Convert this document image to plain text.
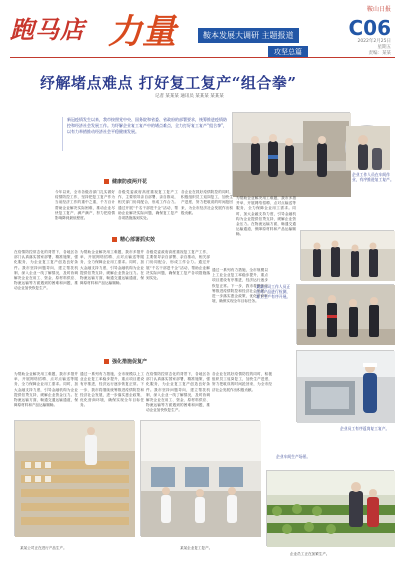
鞍山日报
跑马店 力量	鞍本发展大调研 主题报道
攻坚总篇
C06
2022年2月25日
星期五
责编：某某
纾解堵点难点 打好复工复产“组合拳”
记者 某某某 通讯员 某某某 某某某
新冠疫情发生以来，我市按照党中央、国务院和省委、省政府的部署要求，统筹推进疫情防控和经济社会发展工作。为纾解企业复工复产中的堵点难点，全力打好复工复产“组合拳”，以有力举措推动经济社会平稳健康发展。
企业工作人员在车间作业，有序推进复工复产。
健康防疫两开花
今年以来，全市各级各部门扎实做好疫情防控工作，坚持把复工复产作为当前经济工作的重中之重，千方百计帮助企业解决实际困难，推动企业尽快复工复产、满产满产，努力把疫情影响降到最低程度。
各级党委政府高度重视复工复产工作，主要领导亲自部署、亲自推动，相关部门协同配合，形成工作合力。通过开展“千名干部进千企”活动，帮助企业解决实际问题，确保复工复产各项措施落到实处。
各企业在抓好疫情防控的同时，积极组织员工返岗复工，加快生产进度，努力把耽误的时间抢回来，为全市经济社会发展作出积极贡献。
为帮助企业解决用工难题，我市多措并举，开展网络招聘、点对点输送等服务，全力保障企业用工需求。同时，加大金融支持力度，引导金融机构为企业提供信贷支持，缓解企业资金压力。在物流运输方面，畅通交通运输通道，保障原材料和产品运输顺畅。
精心部署抓实效
在疫情防控常态化的背景下，各地区各部门认真落实国家部署，精准施策，强化服务，为企业复工复产创造良好条件。我市坚持问题导向，建立帮扶机制，深入企业一线了解情况，及时协调解决企业在用工、资金、原材料供应、物流运输等方面遇到的困难和问题，推动企业加快恢复生产。
为帮助企业解决用工难题，我市多措并举，开展网络招聘、点对点输送等服务，全力保障企业用工需求。同时，加大金融支持力度，引导金融机构为企业提供信贷支持，缓解企业资金压力。在物流运输方面，畅通交通运输通道，保障原材料和产品运输顺畅。
各级党委政府高度重视复工复产工作，主要领导亲自部署、亲自推动，相关部门协同配合，形成工作合力。通过开展“千名干部进千企”活动，帮助企业解决实际问题，确保复工复产各项措施落到实处。
通过一系列有力措施，全市规模以上工业企业复工率稳步提升，重点项目建设有序推进，经济运行逐步恢复正常。下一步，我市将继续统筹推进疫情防控和经济社会发展，进一步落实惠企政策，优化营商环境，确保实现全年目标任务。
某某公司工作人员正在对产品进行检测，复工生产有序开展。
强化措施促复产
为帮助企业解决用工难题，我市多措并举，开展网络招聘、点对点输送等服务，全力保障企业用工需求。同时，加大金融支持力度，引导金融机构为企业提供信贷支持，缓解企业资金压力。在物流运输方面，畅通交通运输通道，保障原材料和产品运输顺畅。
通过一系列有力措施，全市规模以上工业企业复工率稳步提升，重点项目建设有序推进，经济运行逐步恢复正常。下一步，我市将继续统筹推进疫情防控和经济社会发展，进一步落实惠企政策，优化营商环境，确保实现全年目标任务。
在疫情防控常态化的背景下，各地区各部门认真落实国家部署，精准施策，强化服务，为企业复工复产创造良好条件。我市坚持问题导向，建立帮扶机制，深入企业一线了解情况，及时协调解决企业在用工、资金、原材料供应、物流运输等方面遇到的困难和问题，推动企业加快恢复生产。
各企业在抓好疫情防控的同时，积极组织员工返岗复工，加快生产进度，努力把耽误的时间抢回来，为全市经济社会发展作出积极贡献。
企业员工有序返岗复工复产。
企业车间生产场景。
某某公司正在进行产品生产。	某某企业复工复产。
企业员工正在加紧生产。
